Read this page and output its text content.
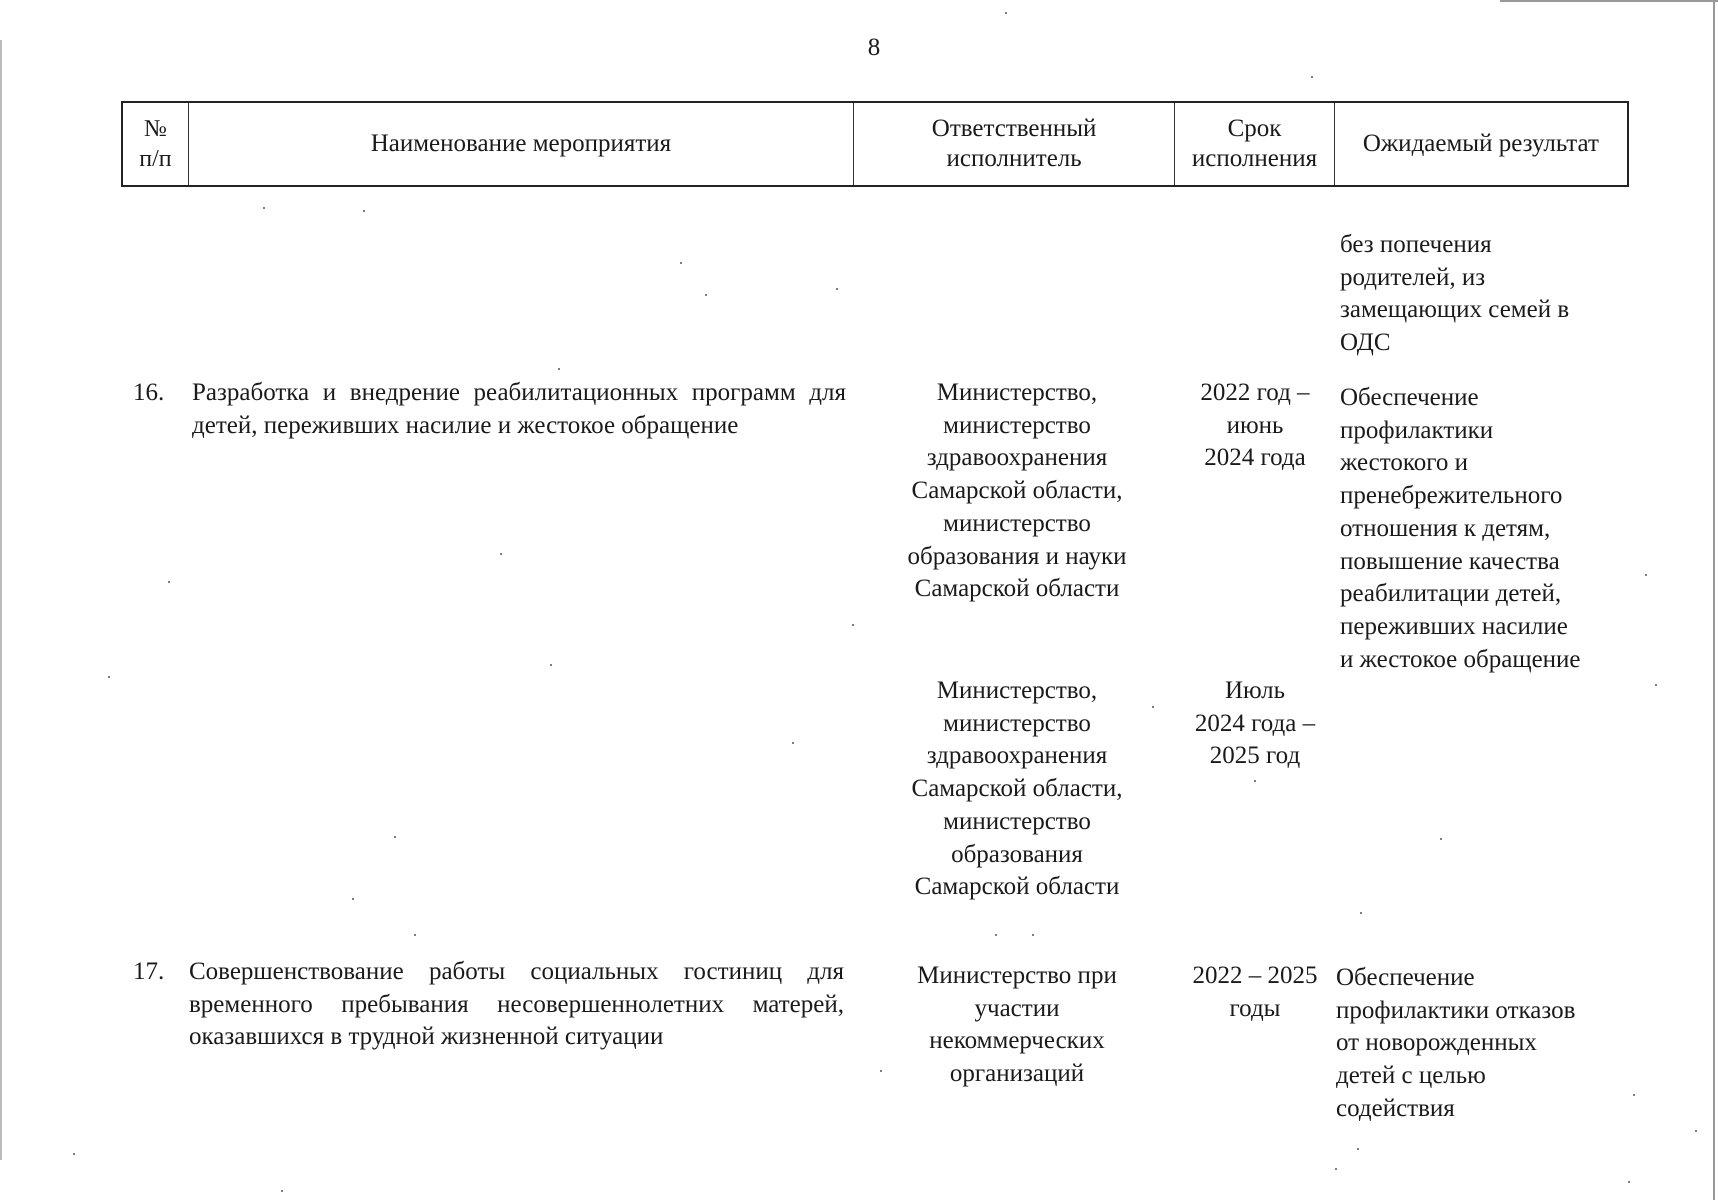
8
№
п/п
Наименование мероприятия
Ответственный
исполнитель
Срок
исполнения
Ожидаемый результат
без попечения
родителей, из
замещающих семей в
ОДС
16.	Разработка и внедрение реабилитационных программ для детей, переживших насилие и жестокое обращение
Министерство,
министерство
здравоохранения
Самарской области,
министерство
образования и науки
Самарской области
2022 год –
июнь
2024 года
Обеспечение
профилактики
жестокого и
пренебрежительного
отношения к детям,
повышение качества
реабилитации детей,
переживших насилие
и жестокое обращение
Министерство,
министерство
здравоохранения
Самарской области,
министерство
образования
Самарской области
Июль
2024 года –
2025 год
17. Совершенствование работы социальных гостиниц для временного пребывания несовершеннолетних матерей, оказавшихся в трудной жизненной ситуации
Министерство при
участии
некоммерческих
организаций
2022 – 2025
годы
Обеспечение
профилактики отказов
от новорожденных
детей с целью
содействия
